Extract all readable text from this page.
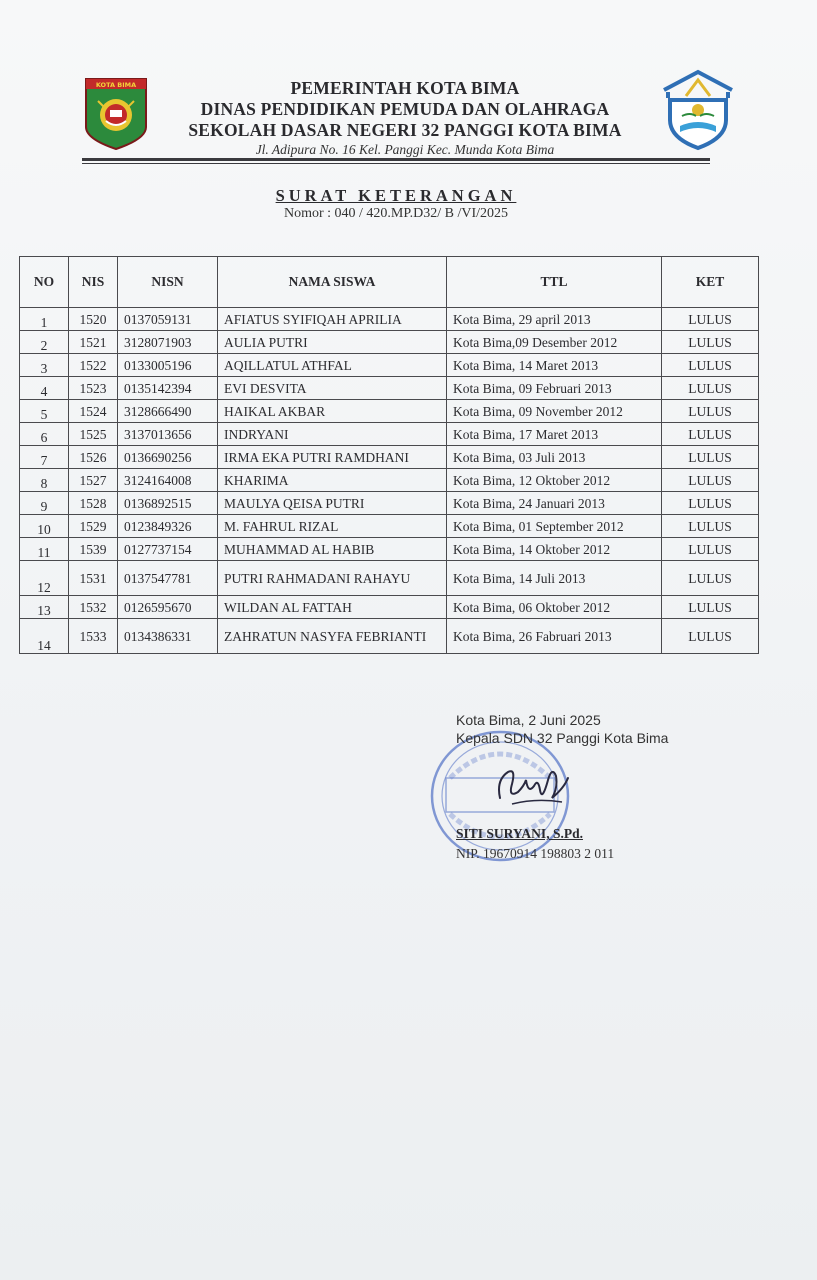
KOTA BIMA	PEMERINTAH KOTA BIMA
DINAS PENDIDIKAN PEMUDA DAN OLAHRAGA
SEKOLAH DASAR NEGERI 32 PANGGI KOTA BIMA
Jl. Adipura No. 16 Kel. Panggi Kec. Munda Kota Bima
SURAT KETERANGAN
Nomor : 040 / 420.MP.D32/ B /VI/2025
NO	NIS	NISN	NAMA SISWA	TTL	KET
1	1520	0137059131	AFIATUS SYIFIQAH APRILIA	Kota Bima, 29 april 2013	LULUS
2	1521	3128071903	AULIA PUTRI	Kota Bima,09 Desember 2012	LULUS
3	1522	0133005196	AQILLATUL ATHFAL	Kota Bima, 14 Maret 2013	LULUS
4	1523	0135142394	EVI DESVITA	Kota Bima, 09 Februari 2013	LULUS
5	1524	3128666490	HAIKAL AKBAR	Kota Bima, 09 November 2012	LULUS
6	1525	3137013656	INDRYANI	Kota Bima, 17 Maret 2013	LULUS
7	1526	0136690256	IRMA EKA PUTRI RAMDHANI	Kota Bima, 03 Juli 2013	LULUS
8	1527	3124164008	KHARIMA	Kota Bima, 12 Oktober 2012	LULUS
9	1528	0136892515	MAULYA QEISA PUTRI	Kota Bima, 24 Januari 2013	LULUS
10	1529	0123849326	M. FAHRUL RIZAL	Kota Bima, 01 September 2012	LULUS
11	1539	0127737154	MUHAMMAD AL HABIB	Kota Bima, 14 Oktober 2012	LULUS
12	1531	0137547781	PUTRI RAHMADANI RAHAYU	Kota Bima, 14 Juli 2013	LULUS
13	1532	0126595670	WILDAN AL FATTAH	Kota Bima, 06 Oktober 2012	LULUS
14	1533	0134386331	ZAHRATUN NASYFA FEBRIANTI	Kota Bima, 26 Fabruari 2013	LULUS
Kota Bima, 2 Juni 2025
Kepala SDN 32 Panggi Kota Bima
SITI SURYANI, S.Pd.
NIP. 19670914 198803 2 011
